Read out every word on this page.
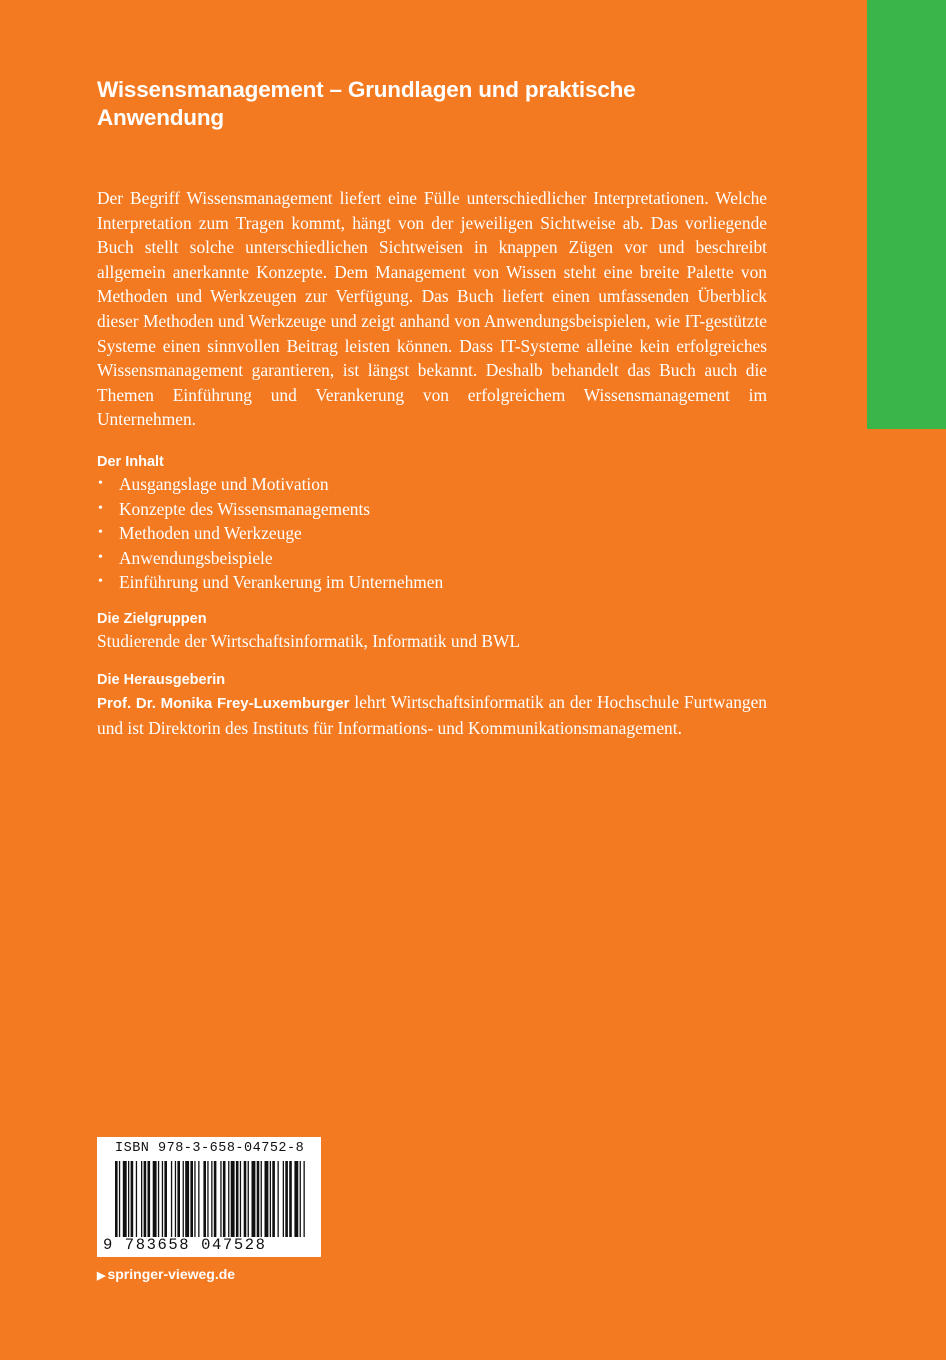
Wissensmanagement – Grundlagen und praktische Anwendung

Der Begriff Wissensmanagement liefert eine Fülle unterschiedlicher Interpretationen. Welche Interpretation zum Tragen kommt, hängt von der jeweiligen Sichtweise ab. Das vorliegende Buch stellt solche unterschiedlichen Sichtweisen in knappen Zügen vor und beschreibt allgemein anerkannte Konzepte. Dem Management von Wissen steht eine breite Palette von Methoden und Werkzeugen zur Verfügung. Das Buch liefert einen umfassenden Überblick dieser Methoden und Werkzeuge und zeigt anhand von Anwendungsbeispielen, wie IT-gestützte Systeme einen sinnvollen Beitrag leisten können. Dass IT-Systeme alleine kein erfolgreiches Wissensmanagement garantieren, ist längst bekannt. Deshalb behandelt das Buch auch die Themen Einführung und Verankerung von erfolgreichem Wissensmanagement im Unternehmen.

Der Inhalt
• Ausgangslage und Motivation
• Konzepte des Wissensmanagements
• Methoden und Werkzeuge
• Anwendungsbeispiele
• Einführung und Verankerung im Unternehmen
Die Zielgruppen

Studierende der Wirtschaftsinformatik, Informatik und BWL

Die Herausgeberin

Prof. Dr. Monika Frey-Luxemburger lehrt Wirtschaftsinformatik an der Hochschule Furtwangen und ist Direktorin des Instituts für Informations- und Kommunikationsmanagement.

ISBN 978-3-658-04752-8
9 783658 047528
▶ springer-vieweg.de
